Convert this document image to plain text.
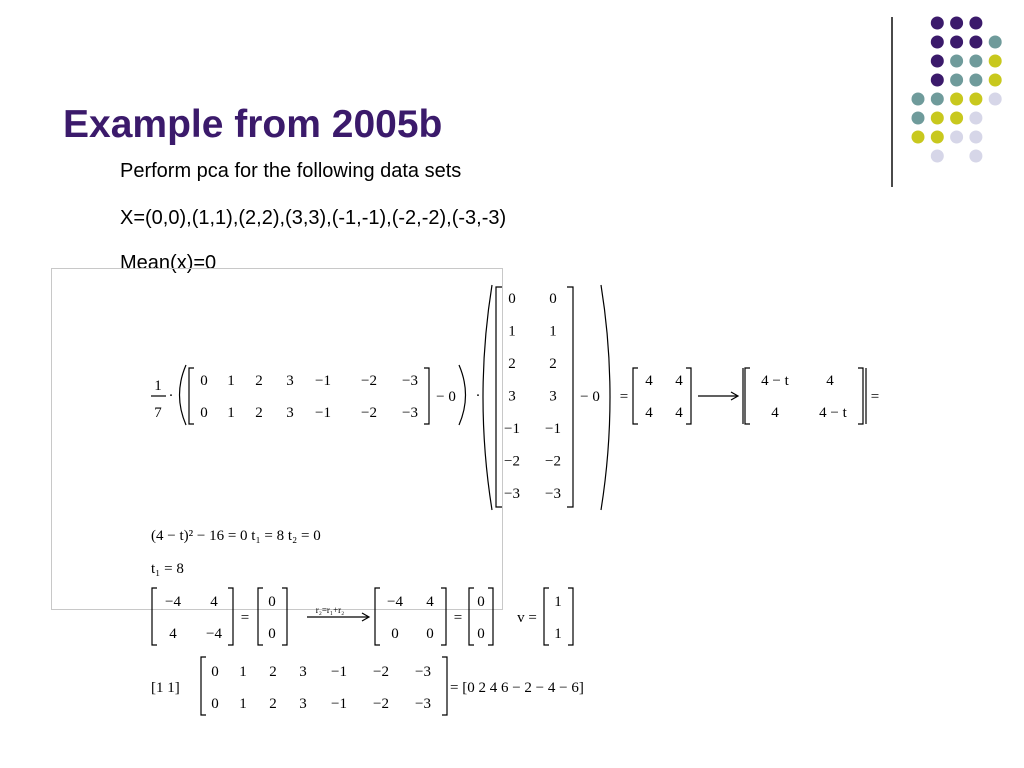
Example from 2005b
Perform pca for the following data sets
X=(0,0),(1,1),(2,2),(3,3),(-1,-1),(-2,-2),(-3,-3)
Mean(x)=0
1
7
·	− 0 ·	− 0 =	=
=	=	v =
r₂=r₁+r₂
(4 − t)² − 16 = 0 t₁ = 8 t₂ = 0
t₁ = 8
[1 1]	= [0 2 4 6 − 2 − 4 − 6]
0 1 2 3 −1 −2 −3
0 1 2 3 −1 −2 −3
0 0
1 1
2 2
3 3
−1 −1
−2 −2
−3 −3
4 4
4 4
4 − t 4
4	4 − t
−4 4
4 −4
0
0
−4 4
0 0
0
0
1
1
0 1 2 3 −1 −2 −3
0 1 2 3 −1 −2 −3
